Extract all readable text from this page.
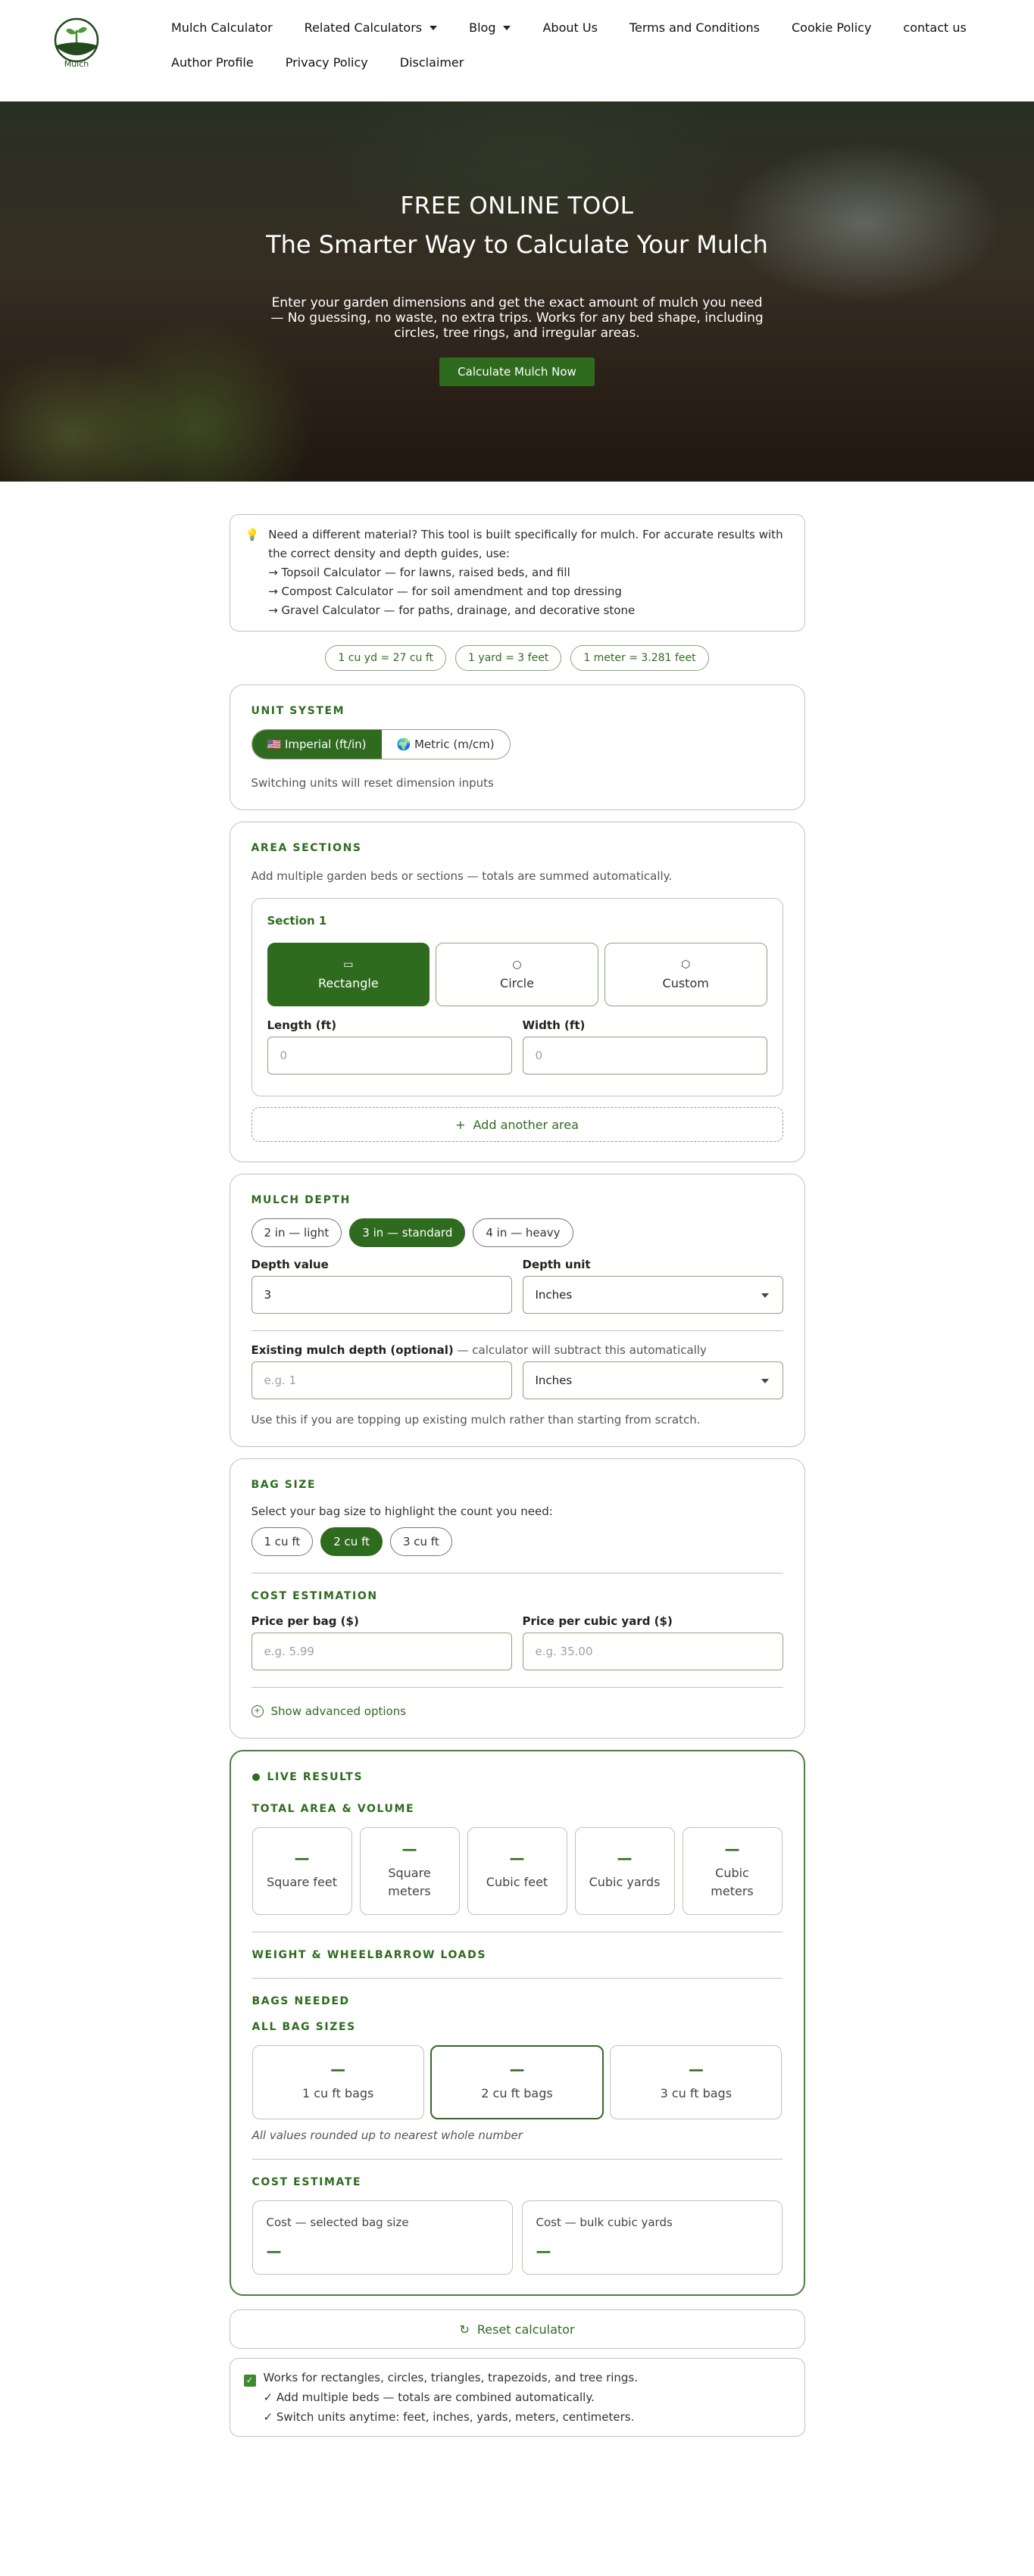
Mulch
Mulch Calculator	Related Calculators	Blog	About Us	Terms and Conditions	Cookie Policy	contact us
Author Profile	Privacy Policy	Disclaimer
FREE ONLINE TOOL
The Smarter Way to Calculate Your Mulch

Enter your garden dimensions and get the exact amount of mulch you need — No guessing, no waste, no extra trips. Works for any bed shape, including circles, tree rings, and irregular areas.

Calculate Mulch Now
💡 Need a different material? This tool is built specifically for mulch. For accurate results with the correct density and depth guides, use:
→ Topsoil Calculator — for lawns, raised beds, and fill
→ Compost Calculator — for soil amendment and top dressing
→ Gravel Calculator — for paths, drainage, and decorative stone
1 cu yd = 27 cu ft	1 yard = 3 feet	1 meter = 3.281 feet
UNIT SYSTEM
🇺🇸 Imperial (ft/in)	🌍 Metric (m/cm)
Switching units will reset dimension inputs
AREA SECTIONS
Add multiple garden beds or sections — totals are summed automatically.
Section 1
▭
Rectangle
○
Circle
⬡
Custom
Length (ft)
0	Width (ft)
0
+ Add another area
MULCH DEPTH
2 in — light	3 in — standard	4 in — heavy
Depth value
3	Depth unit
Inches
Existing mulch depth (optional) — calculator will subtract this automatically
e.g. 1
Inches
Use this if you are topping up existing mulch rather than starting from scratch.
BAG SIZE
Select your bag size to highlight the count you need:
1 cu ft	2 cu ft	3 cu ft
COST ESTIMATION
Price per bag ($)
e.g. 5.99	Price per cubic yard ($)
e.g. 35.00
+ Show advanced options
LIVE RESULTS
TOTAL AREA & VOLUME
—
Square feet
—
Square meters
—
Cubic feet
—
Cubic yards
—
Cubic meters
WEIGHT & WHEELBARROW LOADS
BAGS NEEDED
ALL BAG SIZES
—
1 cu ft bags
—
2 cu ft bags
—
3 cu ft bags
All values rounded up to nearest whole number
COST ESTIMATE
Cost — selected bag size
—
Cost — bulk cubic yards
—
↻ Reset calculator
✓ Works for rectangles, circles, triangles, trapezoids, and tree rings.
✓ Add multiple beds — totals are combined automatically.
✓ Switch units anytime: feet, inches, yards, meters, centimeters.
